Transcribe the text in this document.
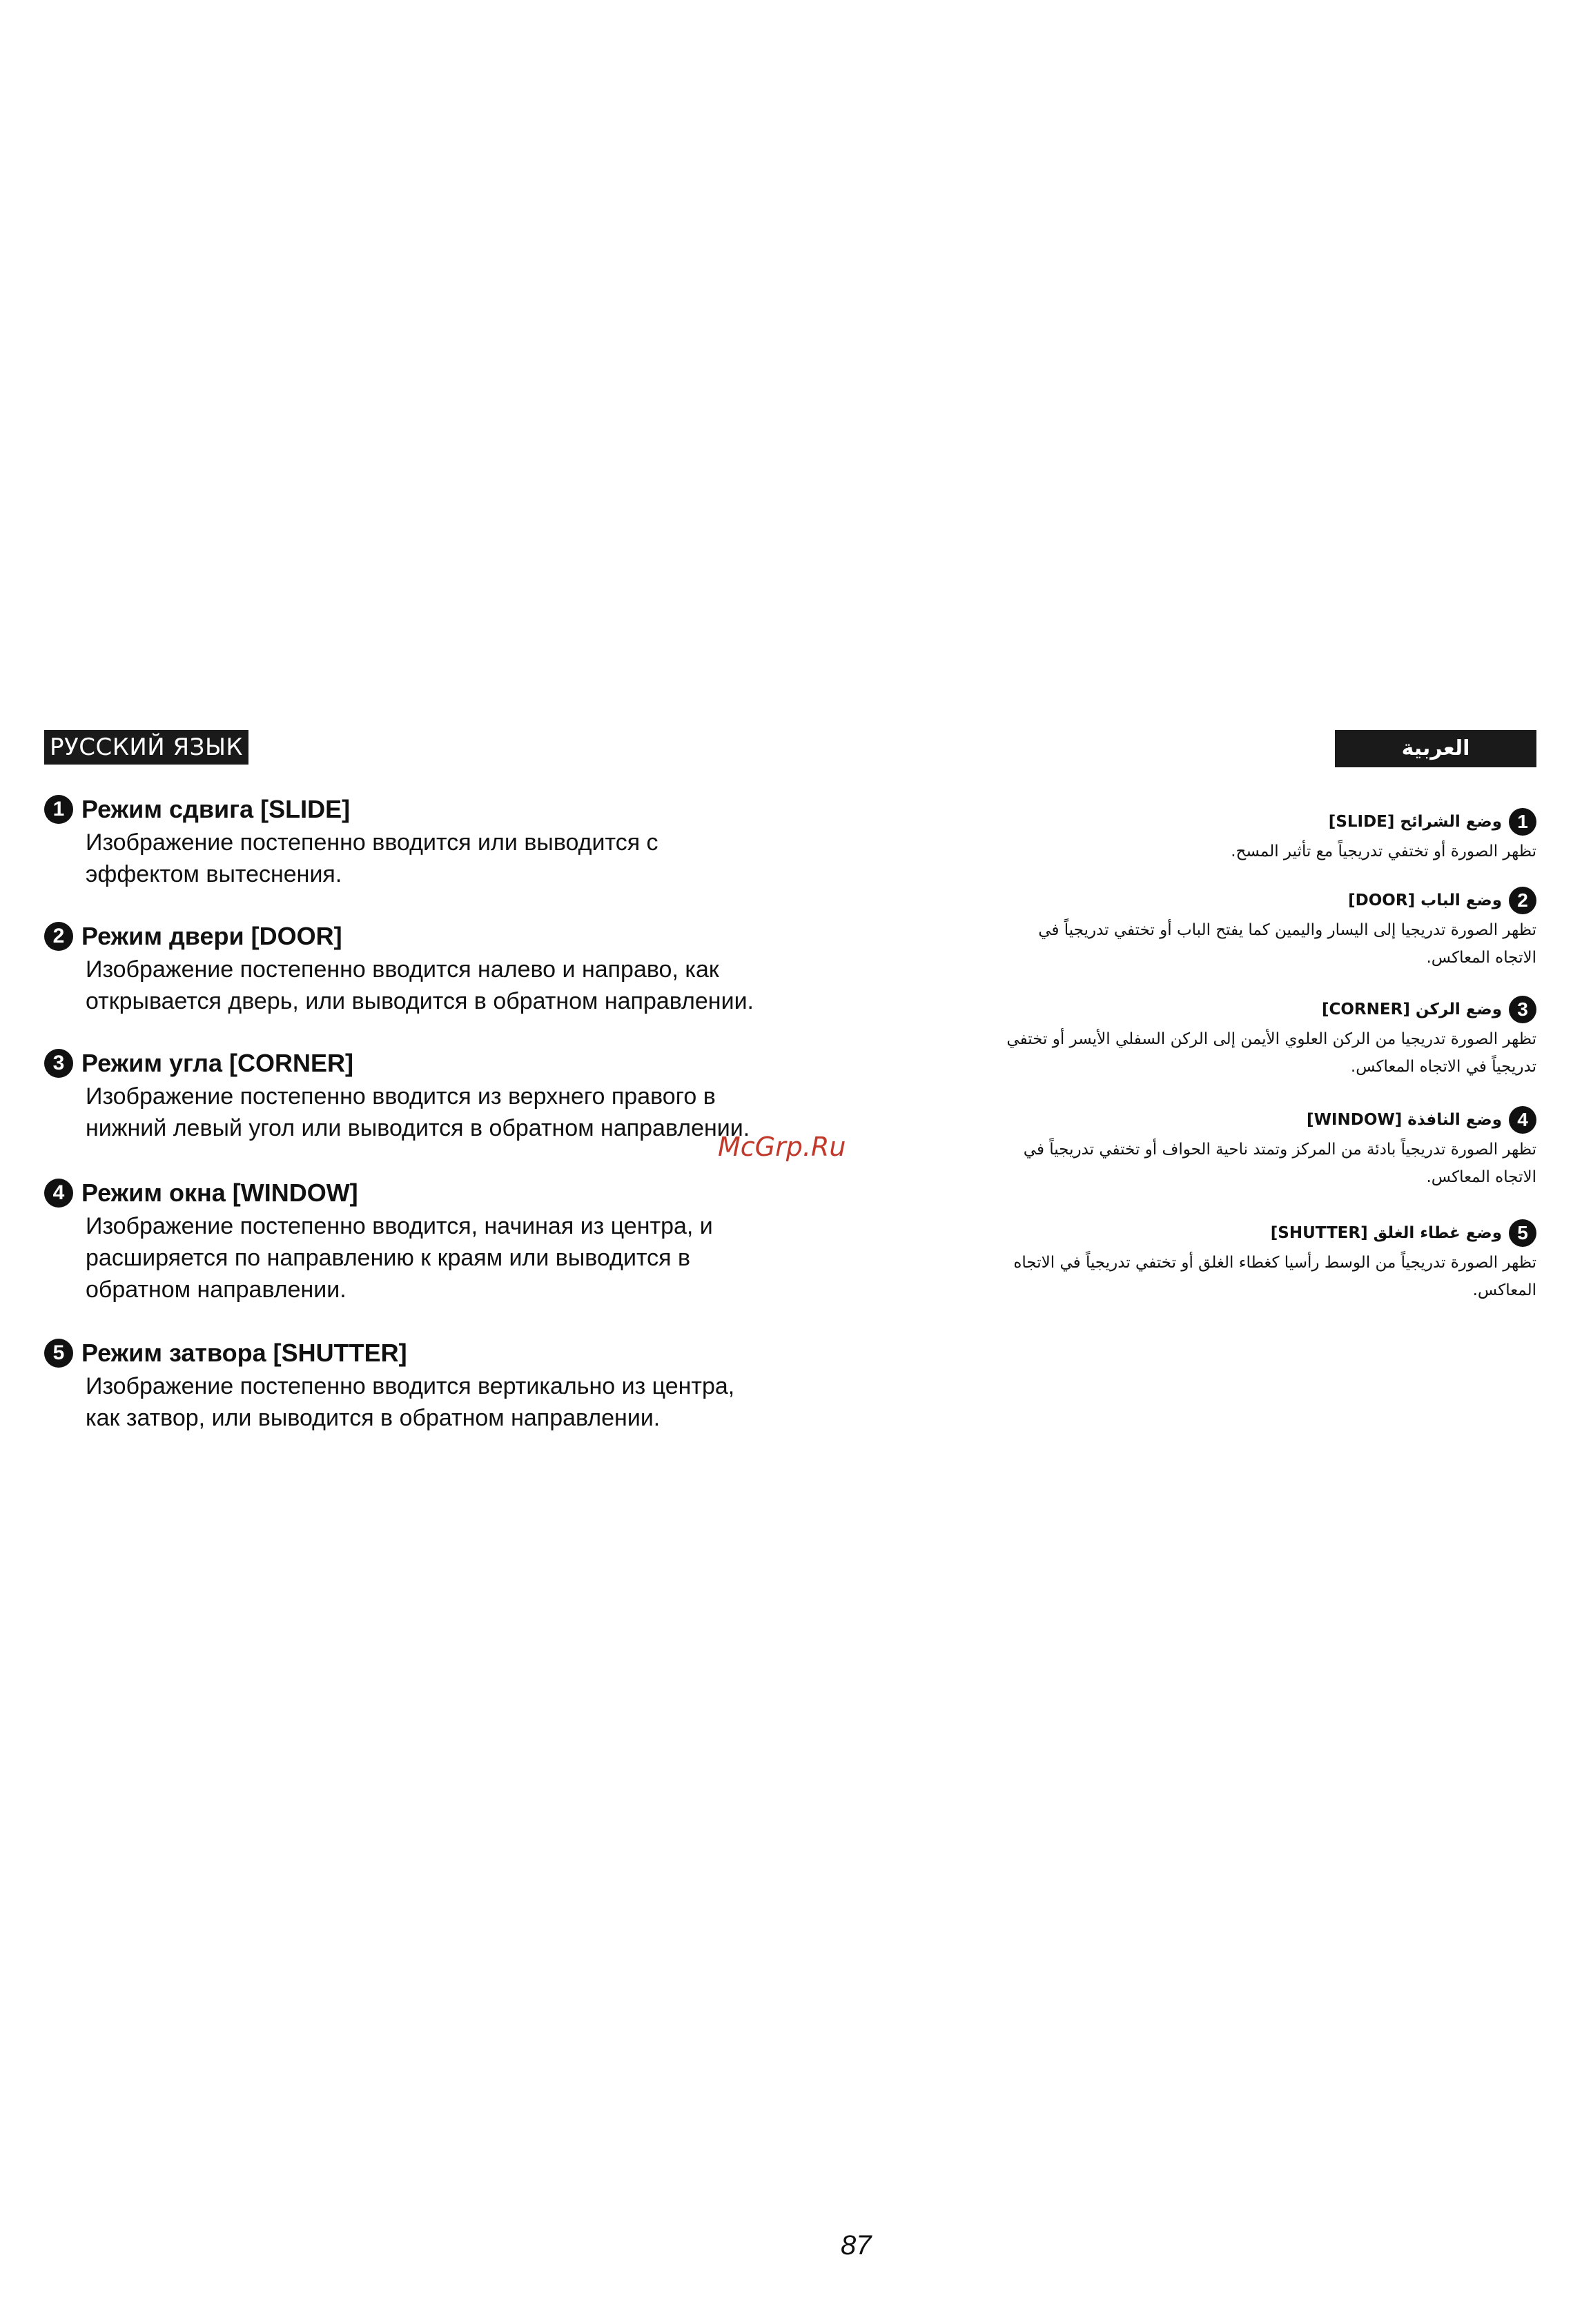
РУССКИЙ ЯЗЫК	العربية
1 Режим сдвига [SLIDE]
Изображение постепенно вводится или выводится с
эффектом вытеснения.
2 Режим двери [DOOR]
Изображение постепенно вводится налево и направо, как
открывается дверь, или выводится в обратном направлении.
3 Режим угла [CORNER]
Изображение постепенно вводится из верхнего правого в
нижний левый угол или выводится в обратном направлении.
4 Режим окна [WINDOW]
Изображение постепенно вводится, начиная из центра, и
расширяется по направлению к краям или выводится в
обратном направлении.
5 Режим затвора [SHUTTER]
Изображение постепенно вводится вертикально из центра,
как затвор, или выводится в обратном направлении.
1
وضع الشرائح [SLIDE]
تظهر الصورة أو تختفي تدريجياً مع تأثير المسح.
2
وضع الباب [DOOR]
تظهر الصورة تدريجيا إلى اليسار واليمين كما يفتح الباب أو تختفي تدريجياً في
الاتجاه المعاكس.
3
وضع الركن [CORNER]
تظهر الصورة تدريجيا من الركن العلوي الأيمن إلى الركن السفلي الأيسر أو تختفي
تدريجياً في الاتجاه المعاكس.
4
وضع النافذة [WINDOW]
تظهر الصورة تدريجياً بادئة من المركز وتمتد ناحية الحواف أو تختفي تدريجياً في
الاتجاه المعاكس.
5
وضع غطاء الغلق [SHUTTER]
تظهر الصورة تدريجياً من الوسط رأسيا كغطاء الغلق أو تختفي تدريجياً في الاتجاه
المعاكس.
McGrp.Ru
87
